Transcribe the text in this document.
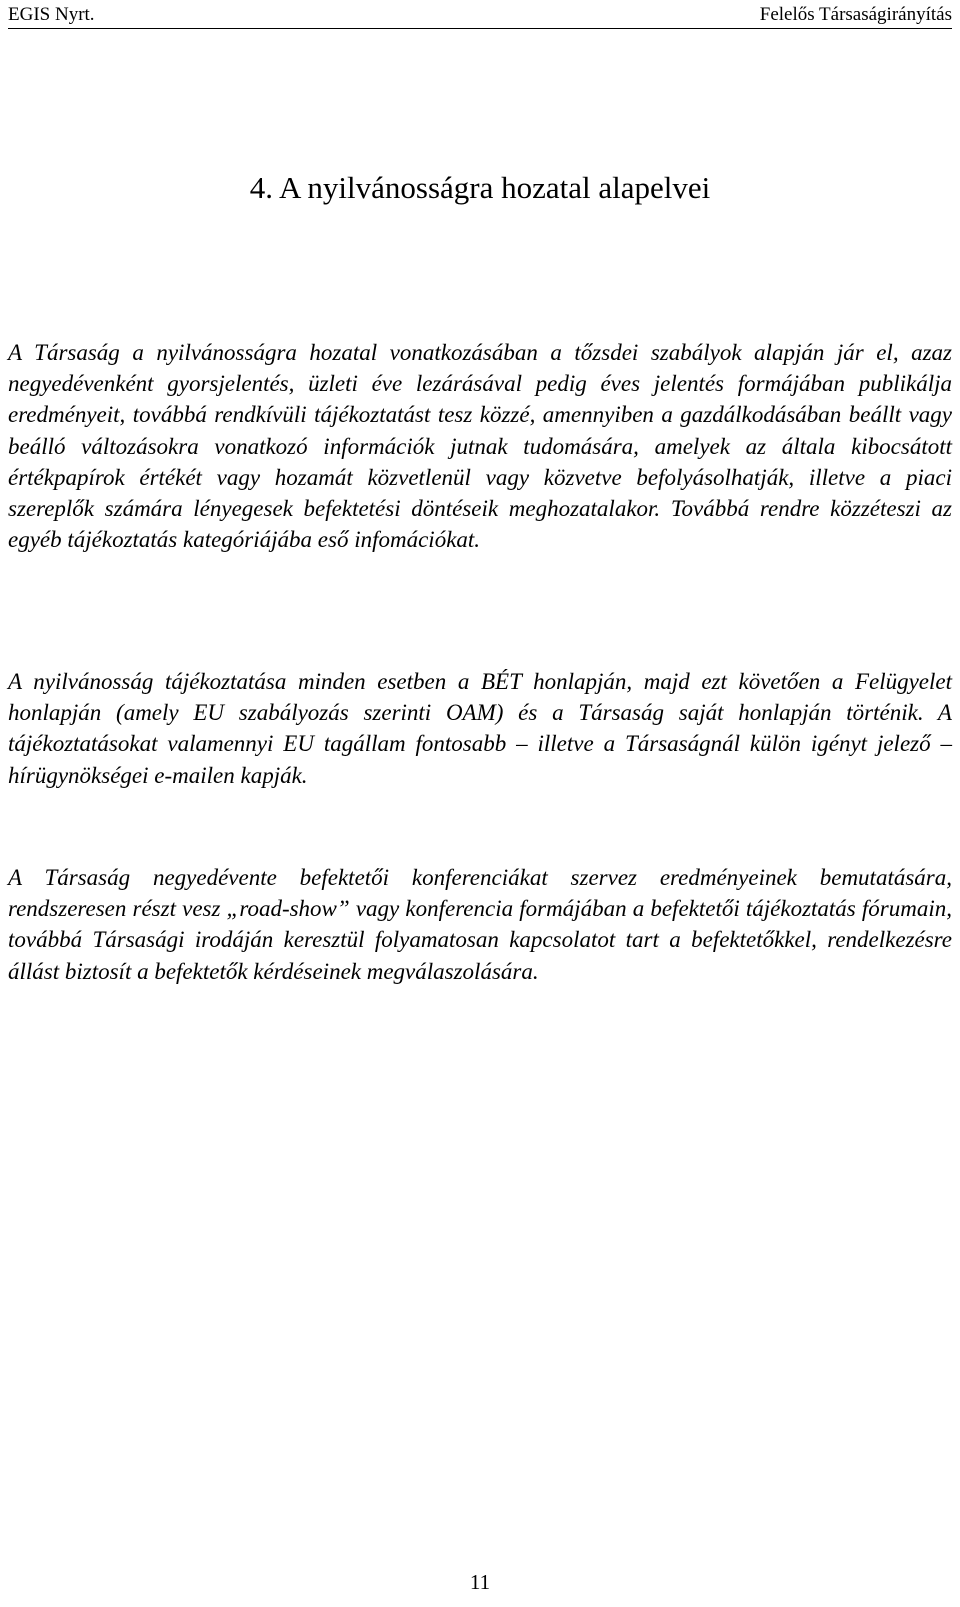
EGIS Nyrt.	Felelős Társaságirányítás
4. A nyilvánosságra hozatal alapelvei

A Társaság a nyilvánosságra hozatal vonatkozásában a tőzsdei szabályok alapján jár el, azaz negyedévenként gyorsjelentés, üzleti éve lezárásával pedig éves jelentés formájában publikálja eredményeit, továbbá rendkívüli tájékoztatást tesz közzé, amennyiben a gazdálkodásában beállt vagy beálló változásokra vonatkozó információk jutnak tudomására, amelyek az általa kibocsátott értékpapírok értékét vagy hozamát közvetlenül vagy közvetve befolyásolhatják, illetve a piaci szereplők számára lényegesek befektetési döntéseik meghozatalakor. Továbbá rendre közzéteszi az egyéb tájékoztatás kategóriájába eső infomációkat.

A nyilvánosság tájékoztatása minden esetben a BÉT honlapján, majd ezt követően a Felügyelet honlapján (amely EU szabályozás szerinti OAM) és a Társaság saját honlapján történik. A tájékoztatásokat valamennyi EU tagállam fontosabb – illetve a Társaságnál külön igényt jelező – hírügynökségei e-mailen kapják.

A Társaság negyedévente befektetői konferenciákat szervez eredményeinek bemutatására, rendszeresen részt vesz „road-show” vagy konferencia formájában a befektetői tájékoztatás fórumain, továbbá Társasági irodáján keresztül folyamatosan kapcsolatot tart a befektetőkkel, rendelkezésre állást biztosít a befektetők kérdéseinek megválaszolására.

11
